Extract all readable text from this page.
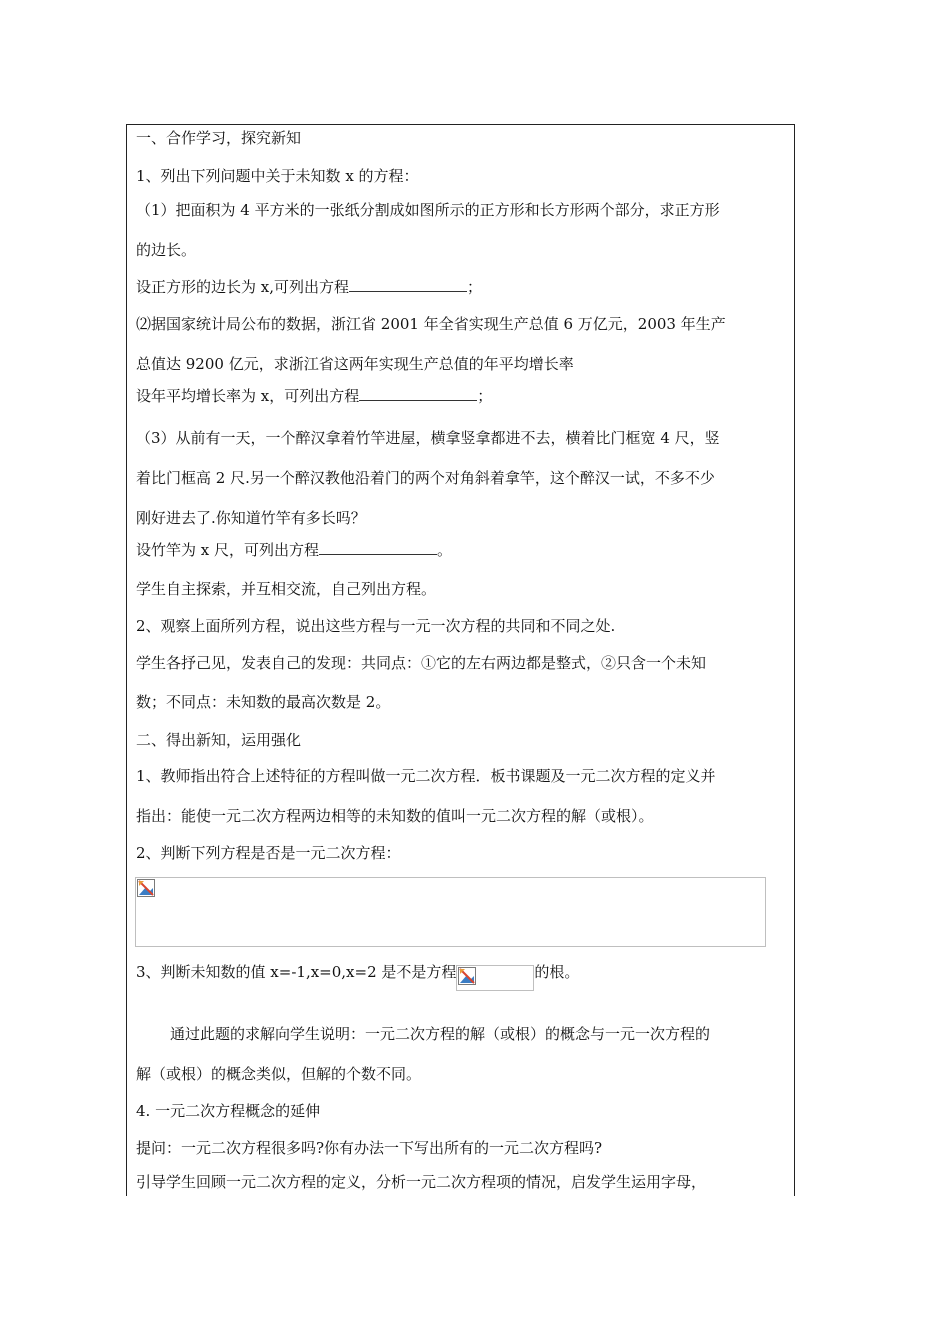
一、合作学习，探究新知
1、列出下列问题中关于未知数 x 的方程：
（1）把面积为 4 平方米的一张纸分割成如图所示的正方形和长方形两个部分，求正方形
的边长。
设正方形的边长为 x,可列出方程	；
⑵据国家统计局公布的数据，浙江省 2001 年全省实现生产总值 6 万亿元，2003 年生产
总值达 9200 亿元，求浙江省这两年实现生产总值的年平均增长率
设年平均增长率为 x，可列出方程	；
（3）从前有一天，一个醉汉拿着竹竿进屋，横拿竖拿都进不去，横着比门框宽 4 尺，竖
着比门框高 2 尺.另一个醉汉教他沿着门的两个对角斜着拿竿，这个醉汉一试，不多不少
刚好进去了.你知道竹竿有多长吗？
设竹竿为 x 尺，可列出方程	。
学生自主探索，并互相交流，自己列出方程。
2、观察上面所列方程，说出这些方程与一元一次方程的共同和不同之处.
学生各抒己见，发表自己的发现：共同点：①它的左右两边都是整式，②只含一个未知
数；不同点：未知数的最高次数是 2。
二、得出新知，运用强化
1、教师指出符合上述特征的方程叫做一元二次方程．板书课题及一元二次方程的定义并
指出：能使一元二次方程两边相等的未知数的值叫一元二次方程的解（或根）。
2、判断下列方程是否是一元二次方程：
3、判断未知数的值 x=-1,x=0,x=2 是不是方程	的根。
通过此题的求解向学生说明：一元二次方程的解（或根）的概念与一元一次方程的
解（或根）的概念类似，但解的个数不同。
4. 一元二次方程概念的延伸
提问：一元二次方程很多吗?你有办法一下写出所有的一元二次方程吗?
引导学生回顾一元二次方程的定义，分析一元二次方程项的情况，启发学生运用字母，
